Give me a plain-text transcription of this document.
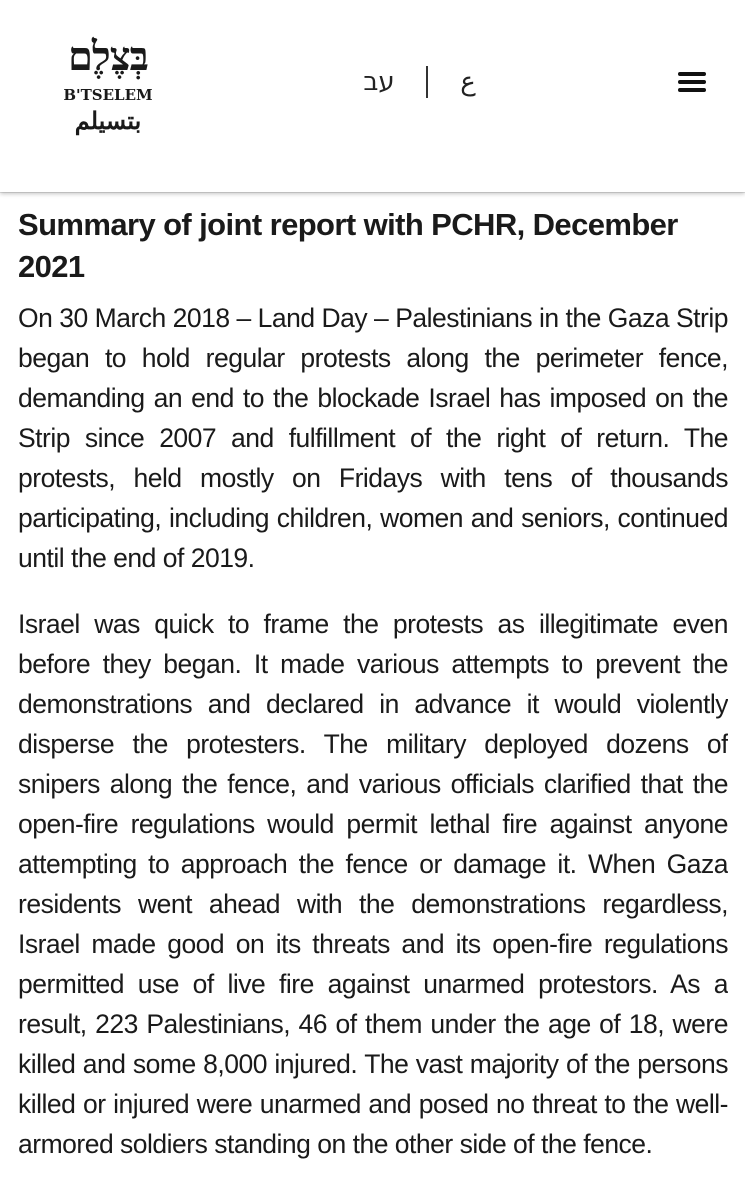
בְּצֶלֶם
B'TSELEM
بتسيلم
עב	ع
Summary of joint report with PCHR, December 2021

On 30 March 2018 – Land Day – Palestinians in the Gaza Strip began to hold regular protests along the perimeter fence, demanding an end to the blockade Israel has imposed on the Strip since 2007 and fulfillment of the right of return. The protests, held mostly on Fridays with tens of thousands participating, including children, women and seniors, continued until the end of 2019.

Israel was quick to frame the protests as illegitimate even before they began. It made various attempts to prevent the demonstrations and declared in advance it would violently disperse the protesters. The military deployed dozens of snipers along the fence, and various officials clarified that the open-fire regulations would permit lethal fire against anyone attempting to approach the fence or damage it. When Gaza residents went ahead with the demonstrations regardless, Israel made good on its threats and its open-fire regulations permitted use of live fire against unarmed protestors. As a result, 223 Palestinians, 46 of them under the age of 18, were killed and some 8,000 injured. The vast majority of the persons killed or injured were unarmed and posed no threat to the well-armored soldiers standing on the other side of the fence.
